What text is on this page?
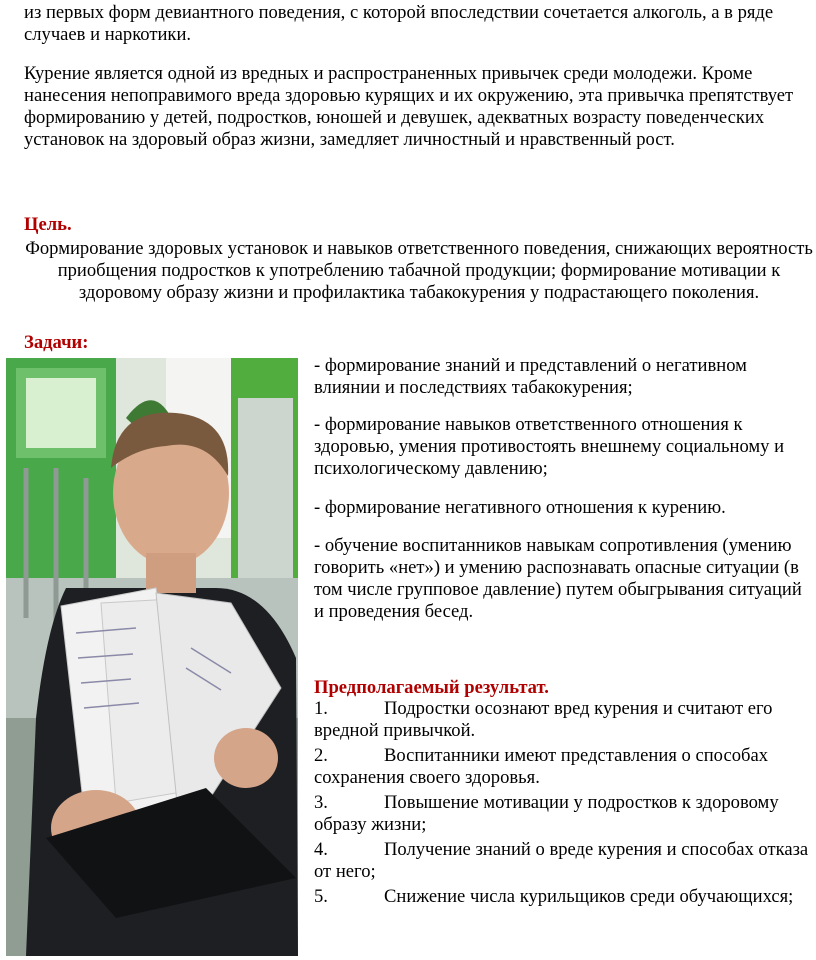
из первых форм девиантного поведения, с которой впоследствии сочетается алкоголь, а в ряде случаев и наркотики.

Курение является одной из вредных и распространенных привычек среди молодежи. Кроме нанесения непоправимого вреда здоровью курящих и их окружению, эта привычка препятствует формированию у детей, подростков, юношей и девушек, адекватных возрасту поведенческих установок на здоровый образ жизни, замедляет личностный и нравственный рост.

Цель.

Формирование здоровых установок и навыков ответственного поведения, снижающих вероятность приобщения подростков к употреблению табачной продукции; формирование мотивации к здоровому образу жизни и профилактика табакокурения у подрастающего поколения.

Задачи:

- формирование знаний и представлений о негативном влиянии и последствиях табакокурения;

- формирование навыков ответственного отношения к здоровью, умения противостоять внешнему социальному и психологическому давлению;

- формирование негативного отношения к курению.

- обучение воспитанников навыкам сопротивления (умению говорить «нет») и умению распознавать опасные ситуации (в том числе групповое давление) путем обыгрывания ситуаций и проведения бесед.

Предполагаемый результат.

1.	Подростки осознают вред курения и считают его вредной привычкой.

2.	Воспитанники имеют представления о способах сохранения своего здоровья.

3.	Повышение мотивации у подростков к здоровому образу жизни;

4.	Получение знаний о вреде курения и способах отказа от него;

5.	Снижение числа курильщиков среди обучающихся;
